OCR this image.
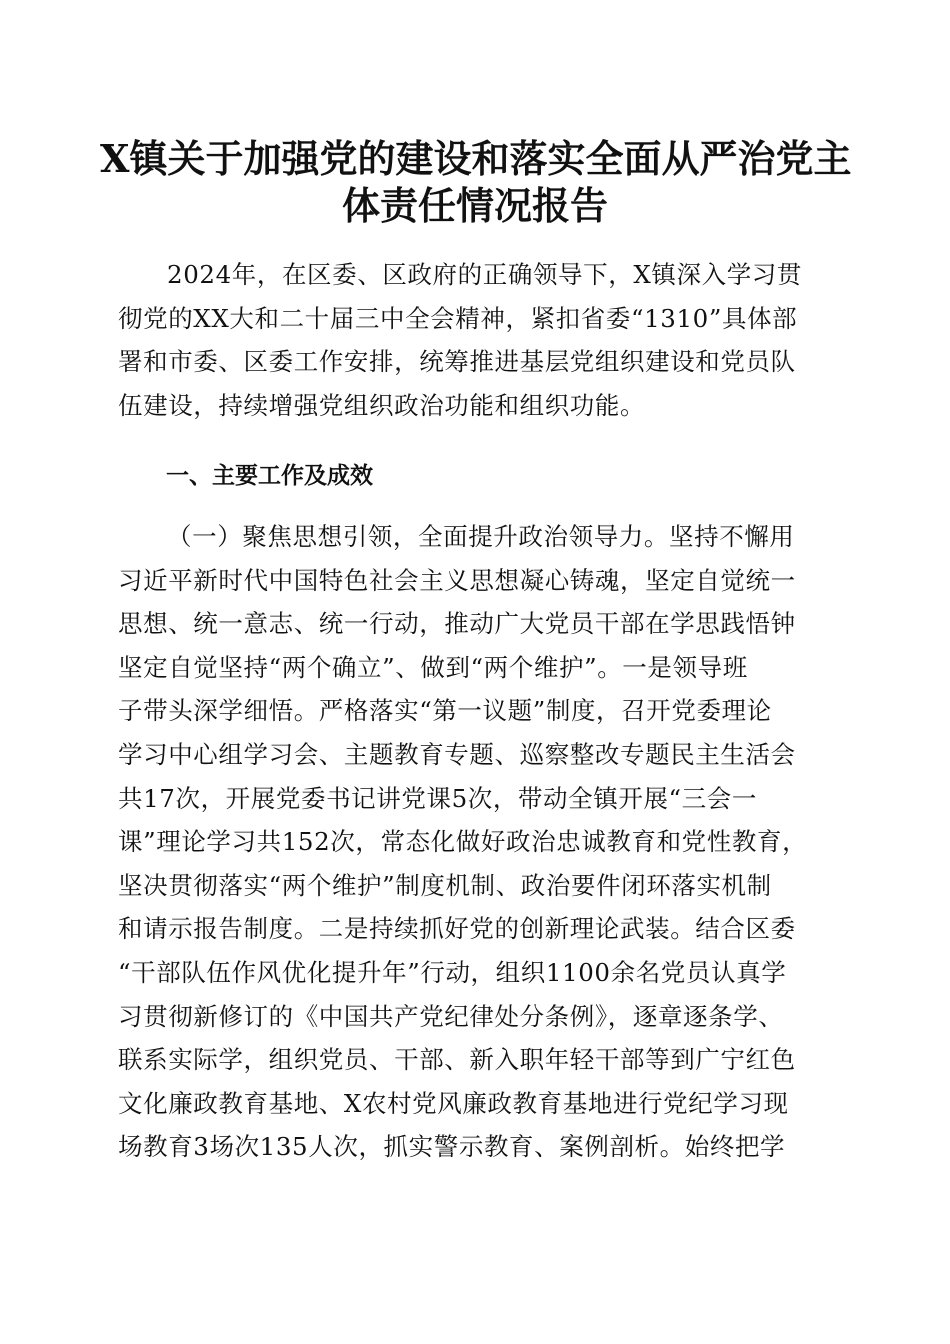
X镇关于加强党的建设和落实全面从严治党主
体责任情况报告

2024年，在区委、区政府的正确领导下，X镇深入学习贯
彻党的XX大和二十届三中全会精神，紧扣省委“1310”具体部
署和市委、区委工作安排，统筹推进基层党组织建设和党员队
伍建设，持续增强党组织政治功能和组织功能。

一、主要工作及成效

（一）聚焦思想引领，全面提升政治领导力。坚持不懈用
习近平新时代中国特色社会主义思想凝心铸魂，坚定自觉统一
思想、统一意志、统一行动，推动广大党员干部在学思践悟钟
坚定自觉坚持“两个确立”、做到“两个维护”。一是领导班
子带头深学细悟。严格落实“第一议题”制度，召开党委理论
学习中心组学习会、主题教育专题、巡察整改专题民主生活会
共17次，开展党委书记讲党课5次，带动全镇开展“三会一
课”理论学习共152次，常态化做好政治忠诚教育和党性教育，
坚决贯彻落实“两个维护”制度机制、政治要件闭环落实机制
和请示报告制度。二是持续抓好党的创新理论武装。结合区委
“干部队伍作风优化提升年”行动，组织1100余名党员认真学
习贯彻新修订的《中国共产党纪律处分条例》，逐章逐条学、
联系实际学，组织党员、干部、新入职年轻干部等到广宁红色
文化廉政教育基地、X农村党风廉政教育基地进行党纪学习现
场教育3场次135人次，抓实警示教育、案例剖析。始终把学
